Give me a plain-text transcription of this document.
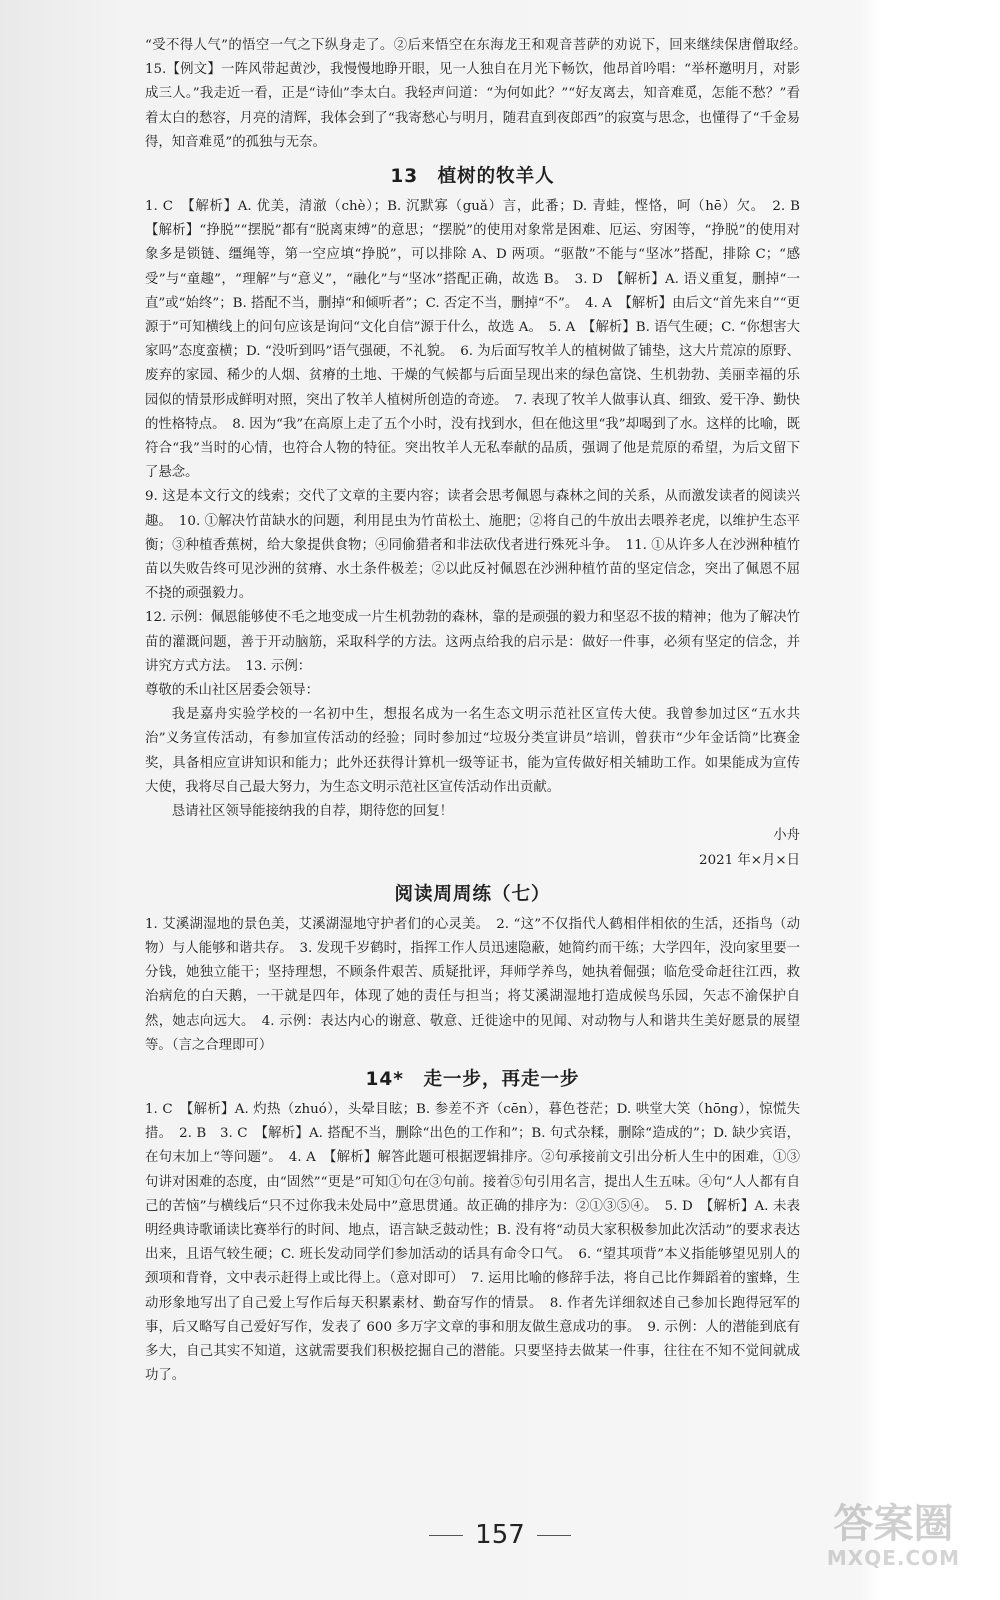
“受不得人气”的悟空一气之下纵身走了。②后来悟空在东海龙王和观音菩萨的劝说下，回来继续保唐僧取经。　15.【例文】一阵风带起黄沙，我慢慢地睁开眼，见一人独自在月光下畅饮，他昂首吟唱：“举杯邀明月，对影成三人。”我走近一看，正是“诗仙”李太白。我轻声问道：“为何如此？”“好友离去，知音难觅，怎能不愁？”看着太白的愁容，月亮的清辉，我体会到了“我寄愁心与明月，随君直到夜郎西”的寂寞与思念，也懂得了“千金易得，知音难觅”的孤独与无奈。

13　植树的牧羊人

1. C　【解析】A. 优美，清澈（chè）；B. 沉默寡（guǎ）言，此番；D. 青蛙，悭恪，呵（hē）欠。　2. B　【解析】“挣脱”“摆脱”都有“脱离束缚”的意思；“摆脱”的使用对象常是困难、厄运、穷困等，“挣脱”的使用对象多是锁链、缰绳等，第一空应填“挣脱”，可以排除 A、D 两项。“驱散”不能与“坚冰”搭配，排除 C；“感受”与“童趣”，“理解”与“意义”，“融化”与“坚冰”搭配正确，故选 B。　3. D　【解析】A. 语义重复，删掉“一直”或“始终”；B. 搭配不当，删掉“和倾听者”；C. 否定不当，删掉“不”。　4. A　【解析】由后文“首先来自”“更源于”可知横线上的问句应该是询问“文化自信”源于什么，故选 A。　5. A　【解析】B. 语气生硬；C. “你想害大家吗”态度蛮横；D. “没听到吗”语气强硬，不礼貌。　6. 为后面写牧羊人的植树做了铺垫，这大片荒凉的原野、废弃的家园、稀少的人烟、贫瘠的土地、干燥的气候都与后面呈现出来的绿色富饶、生机勃勃、美丽幸福的乐园似的情景形成鲜明对照，突出了牧羊人植树所创造的奇迹。　7. 表现了牧羊人做事认真、细致、爱干净、勤快的性格特点。　8. 因为“我”在高原上走了五个小时，没有找到水，但在他这里“我”却喝到了水。这样的比喻，既符合“我”当时的心情，也符合人物的特征。突出牧羊人无私奉献的品质，强调了他是荒原的希望，为后文留下了悬念。

9. 这是本文行文的线索；交代了文章的主要内容；读者会思考佩恩与森林之间的关系，从而激发读者的阅读兴趣。　10. ①解决竹苗缺水的问题，利用昆虫为竹苗松土、施肥；②将自己的牛放出去喂养老虎，以维护生态平衡；③种植香蕉树，给大象提供食物；④同偷猎者和非法砍伐者进行殊死斗争。　11. ①从许多人在沙洲种植竹苗以失败告终可见沙洲的贫瘠、水土条件极差；②以此反衬佩恩在沙洲种植竹苗的坚定信念，突出了佩恩不屈不挠的顽强毅力。

12. 示例：佩恩能够使不毛之地变成一片生机勃勃的森林，靠的是顽强的毅力和坚忍不拔的精神；他为了解决竹苗的灌溉问题，善于开动脑筋，采取科学的方法。这两点给我的启示是：做好一件事，必须有坚定的信念，并讲究方式方法。　13. 示例：

尊敬的禾山社区居委会领导：

我是嘉舟实验学校的一名初中生，想报名成为一名生态文明示范社区宣传大使。我曾参加过区“五水共治”义务宣传活动，有参加宣传活动的经验；同时参加过“垃圾分类宣讲员”培训，曾获市“少年金话筒”比赛金奖，具备相应宣讲知识和能力；此外还获得计算机一级等证书，能为宣传做好相关辅助工作。如果能成为宣传大使，我将尽自己最大努力，为生态文明示范社区宣传活动作出贡献。

恳请社区领导能接纳我的自荐，期待您的回复！

小舟

2021 年×月×日

阅读周周练（七）

1. 艾溪湖湿地的景色美，艾溪湖湿地守护者们的心灵美。　2. “这”不仅指代人鹤相伴相依的生活，还指鸟（动物）与人能够和谐共存。　3. 发现千岁鹤时，指挥工作人员迅速隐蔽，她简约而干练；大学四年，没向家里要一分钱，她独立能干；坚持理想，不顾条件艰苦、质疑批评，拜师学养鸟，她执着倔强；临危受命赶往江西，救治病危的白天鹅，一干就是四年，体现了她的责任与担当；将艾溪湖湿地打造成候鸟乐园，矢志不渝保护自然，她志向远大。　4. 示例：表达内心的谢意、敬意、迁徙途中的见闻、对动物与人和谐共生美好愿景的展望等。（言之合理即可）

14*　走一步，再走一步

1. C　【解析】A. 灼热（zhuó），头晕目眩；B. 参差不齐（cēn），暮色苍茫；D. 哄堂大笑（hōng），惊慌失措。　2. B　3. C　【解析】A. 搭配不当，删除“出色的工作和”；B. 句式杂糅，删除“造成的”；D. 缺少宾语，在句末加上“等问题”。　4. A　【解析】解答此题可根据逻辑排序。②句承接前文引出分析人生中的困难，①③句讲对困难的态度，由“固然”“更是”可知①句在③句前。接着⑤句引用名言，提出人生五味。④句“人人都有自己的苦恼”与横线后“只不过你我未处局中”意思贯通。故正确的排序为：②①③⑤④。　5. D　【解析】A. 未表明经典诗歌诵读比赛举行的时间、地点，语言缺乏鼓动性；B. 没有将“动员大家积极参加此次活动”的要求表达出来，且语气较生硬；C. 班长发动同学们参加活动的话具有命令口气。　6. “望其项背”本义指能够望见别人的颈项和背脊，文中表示赶得上或比得上。（意对即可）　7. 运用比喻的修辞手法，将自己比作舞蹈着的蜜蜂，生动形象地写出了自己爱上写作后每天积累素材、勤奋写作的情景。　8. 作者先详细叙述自己参加长跑得冠军的事，后又略写自己爱好写作，发表了 600 多万字文章的事和朋友做生意成功的事。　9. 示例：人的潜能到底有多大，自己其实不知道，这就需要我们积极挖掘自己的潜能。只要坚持去做某一件事，往往在不知不觉间就成功了。

157	答案圈
MXQE.COM
